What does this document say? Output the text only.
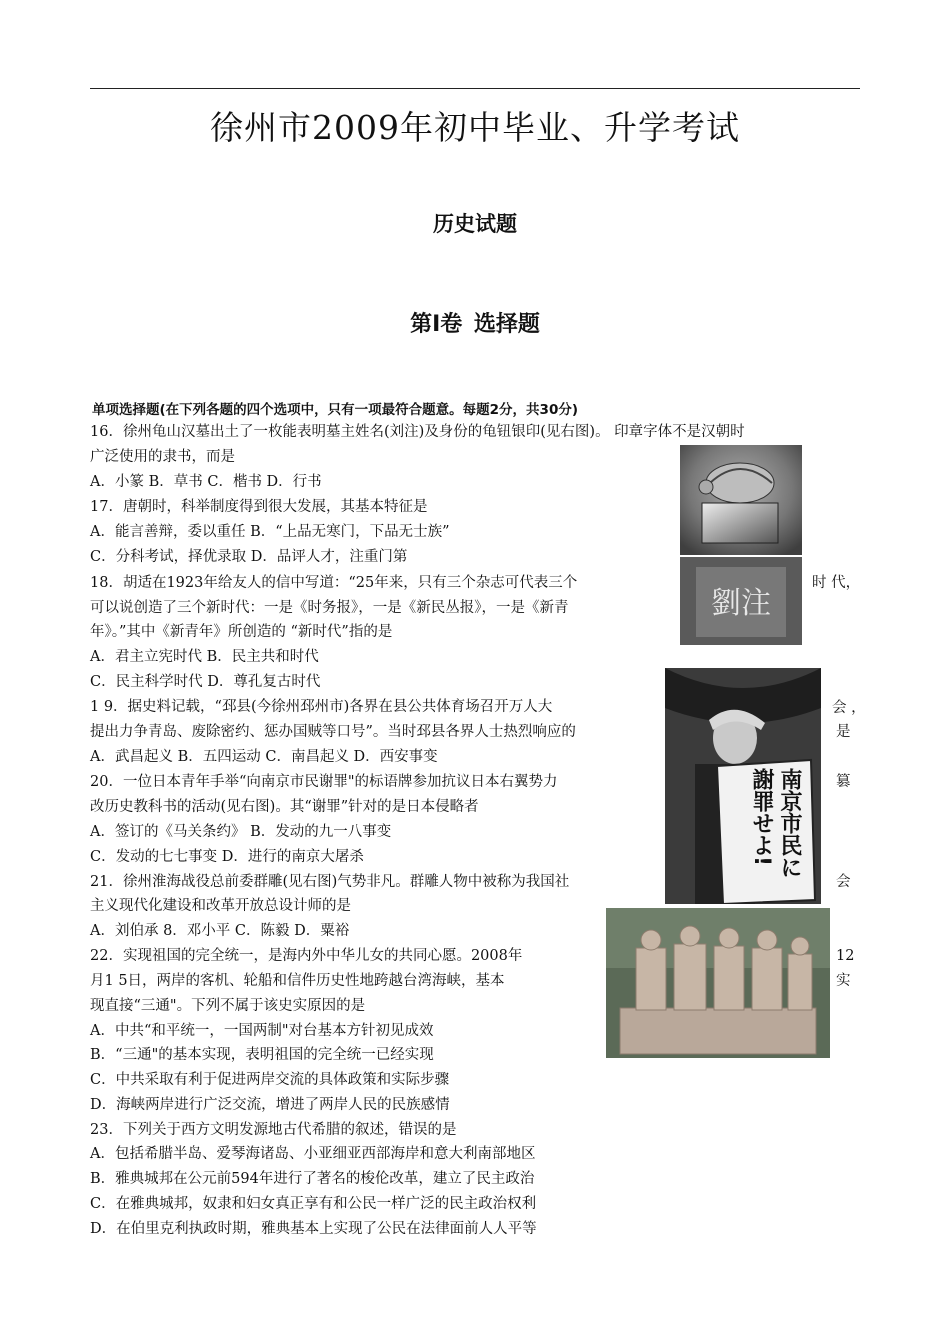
徐州市2009年初中毕业、升学考试
历史试题
第Ⅰ卷 选择题
单项选择题(在下列各题的四个选项中，只有一项最符合题意。每题2分，共30分)
16．徐州龟山汉墓出土了一枚能表明墓主姓名(刘注)及身份的龟钮银印(见右图)。 印章字体不是汉朝时
广泛使用的隶书，而是
A．小篆 B．草书 C．楷书 D．行书
17．唐朝时，科举制度得到很大发展，其基本特征是
A．能言善辩，委以重任 B．“上品无寒门，下品无士族”
C．分科考试，择优录取 D．品评人才，注重门第
18．胡适在1923年给友人的信中写道：“25年来，只有三个杂志可代表三个
可以说创造了三个新时代：一是《时务报》，一是《新民丛报》，一是《新青
年》。”其中《新青年》所创造的 “新时代”指的是
A．君主立宪时代 B．民主共和时代
C．民主科学时代 D．尊孔复古时代
1 9．据史料记载，“邳县(今徐州邳州市)各界在县公共体育场召开万人大
提出力争青岛、废除密约、惩办国贼等口号”。当时邳县各界人士热烈响应的
A．武昌起义 B．五四运动 C．南昌起义 D．西安事变
20．一位日本青年手举“向南京市民谢罪"的标语牌参加抗议日本右翼势力
改历史教科书的活动(见右图)。其“谢罪”针对的是日本侵略者
A．签订的《马关条约》 B．发动的九一八事变
C．发动的七七事变 D．进行的南京大屠杀
21．徐州淮海战役总前委群雕(见右图)气势非凡。群雕人物中被称为我国社
主义现代化建设和改革开放总设计师的是
A．刘伯承 8．邓小平 C．陈毅 D．粟裕
22．实现祖国的完全统一，是海内外中华儿女的共同心愿。2008年
月1 5日，两岸的客机、轮船和信件历史性地跨越台湾海峡，基本
现直接“三通"。下列不属于该史实原因的是
A．中共“和平统一，一国两制"对台基本方针初见成效
B．“三通"的基本实现，表明祖国的完全统一已经实现
C．中共采取有利于促进两岸交流的具体政策和实际步骤
D．海峡两岸进行广泛交流，增进了两岸人民的民族感情
23．下列关于西方文明发源地古代希腊的叙述，错误的是
A．包括希腊半岛、爱琴海诸岛、小亚细亚西部海岸和意大利南部地区
B．雅典城邦在公元前594年进行了著名的梭伦改革，建立了民主政治
C．在雅典城邦，奴隶和妇女真正享有和公民一样广泛的民主政治权利
D．在伯里克利执政时期，雅典基本上实现了公民在法律面前人人平等
时 代，
会 ，
是
篡
会
12
实
劉注
南京市民に謝罪せよ!
